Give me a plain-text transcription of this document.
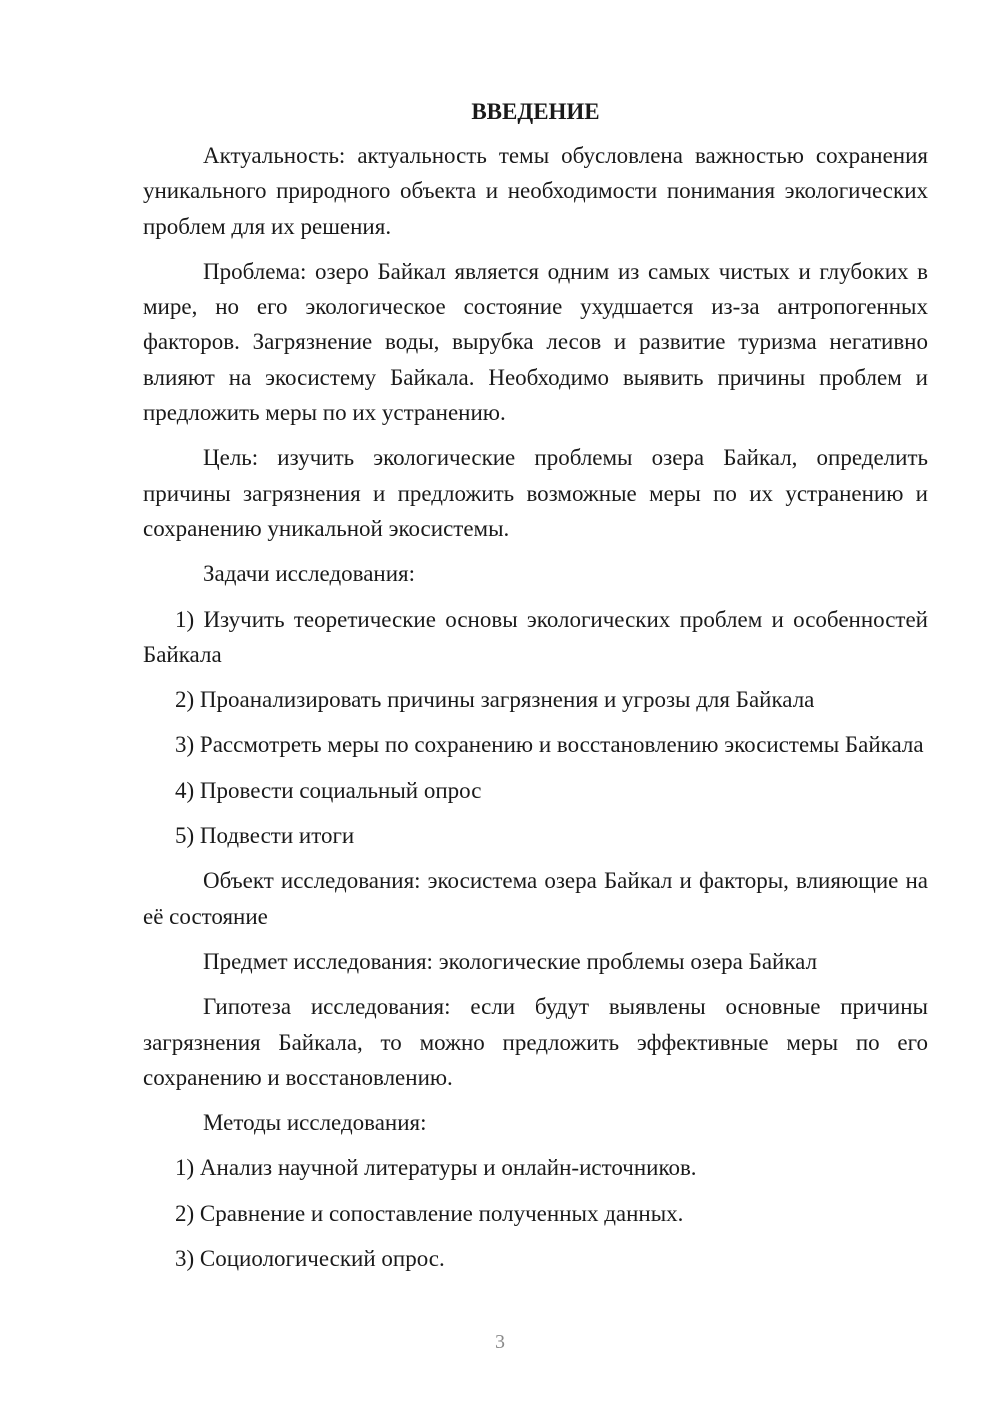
ВВЕДЕНИЕ
Актуальность: актуальность темы обусловлена важностью сохранения уникального природного объекта и необходимости понимания экологических проблем для их решения.
Проблема: озеро Байкал является одним из самых чистых и глубоких в мире, но его экологическое состояние ухудшается из-за антропогенных факторов. Загрязнение воды, вырубка лесов и развитие туризма негативно влияют на экосистему Байкала. Необходимо выявить причины проблем и предложить меры по их устранению.
Цель: изучить экологические проблемы озера Байкал, определить причины загрязнения и предложить возможные меры по их устранению и сохранению уникальной экосистемы.
Задачи исследования:
1) Изучить теоретические основы экологических проблем и особенностей Байкала
2) Проанализировать причины загрязнения и угрозы для Байкала
3) Рассмотреть меры по сохранению и восстановлению экосистемы Байкала
4) Провести социальный опрос
5) Подвести итоги
Объект исследования: экосистема озера Байкал и факторы, влияющие на её состояние
Предмет исследования: экологические проблемы озера Байкал
Гипотеза исследования: если будут выявлены основные причины загрязнения Байкала, то можно предложить эффективные меры по его сохранению и восстановлению.
Методы исследования:
1) Анализ научной литературы и онлайн-источников.
2) Сравнение и сопоставление полученных данных.
3) Социологический опрос.
3
